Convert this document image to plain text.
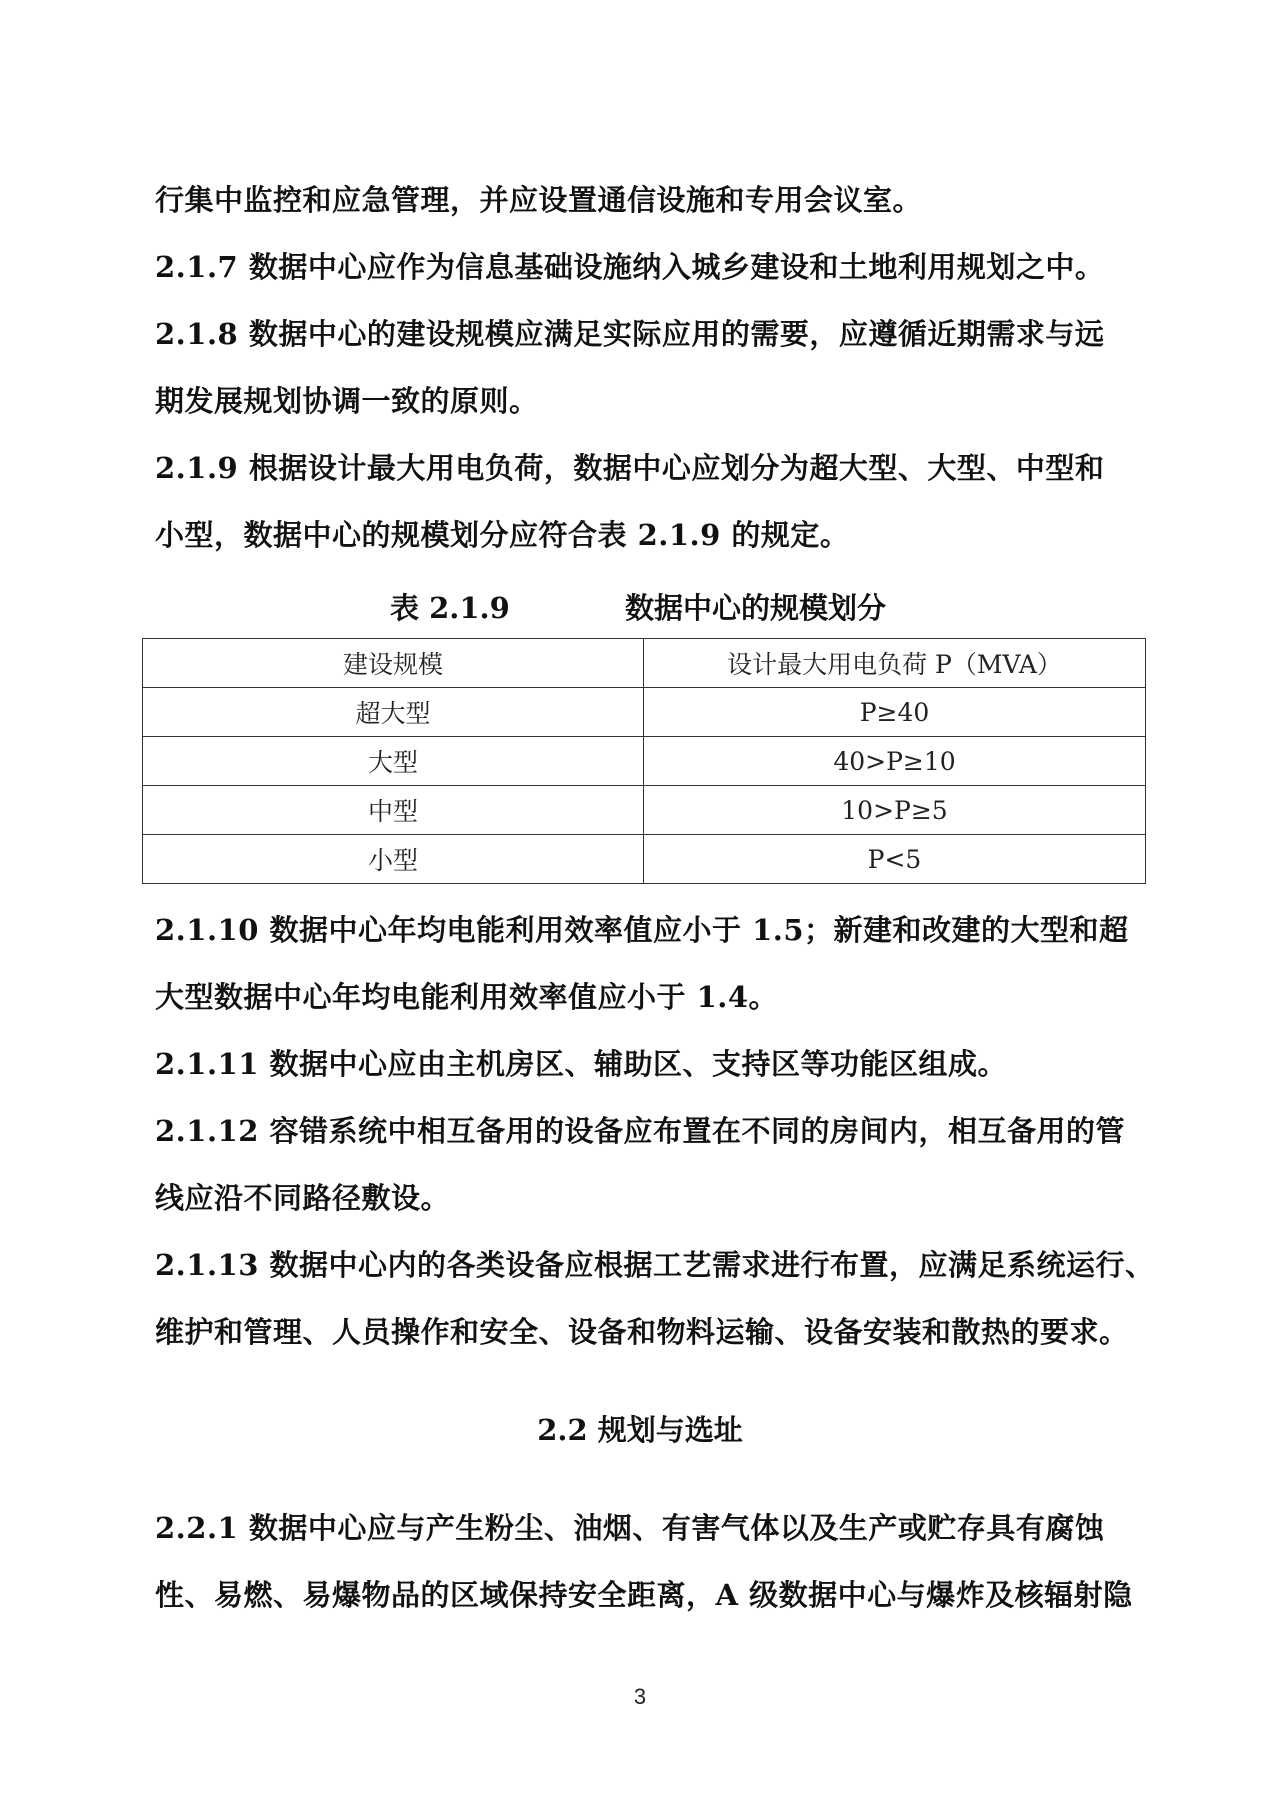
行集中监控和应急管理，并应设置通信设施和专用会议室。
2.1.7 数据中心应作为信息基础设施纳入城乡建设和土地利用规划之中。
2.1.8 数据中心的建设规模应满足实际应用的需要，应遵循近期需求与远
期发展规划协调一致的原则。
2.1.9 根据设计最大用电负荷，数据中心应划分为超大型、大型、中型和
小型，数据中心的规模划分应符合表 2.1.9 的规定。
表 2.1.9	数据中心的规模划分
建设规模	设计最大用电负荷 P（MVA）
超大型	P≥40
大型	40>P≥10
中型	10>P≥5
小型	P<5
2.1.10 数据中心年均电能利用效率值应小于 1.5；新建和改建的大型和超
大型数据中心年均电能利用效率值应小于 1.4。
2.1.11 数据中心应由主机房区、辅助区、支持区等功能区组成。
2.1.12 容错系统中相互备用的设备应布置在不同的房间内，相互备用的管
线应沿不同路径敷设。
2.1.13 数据中心内的各类设备应根据工艺需求进行布置，应满足系统运行、
维护和管理、人员操作和安全、设备和物料运输、设备安装和散热的要求。
2.2 规划与选址
2.2.1 数据中心应与产生粉尘、油烟、有害气体以及生产或贮存具有腐蚀
性、易燃、易爆物品的区域保持安全距离，A 级数据中心与爆炸及核辐射隐
3
